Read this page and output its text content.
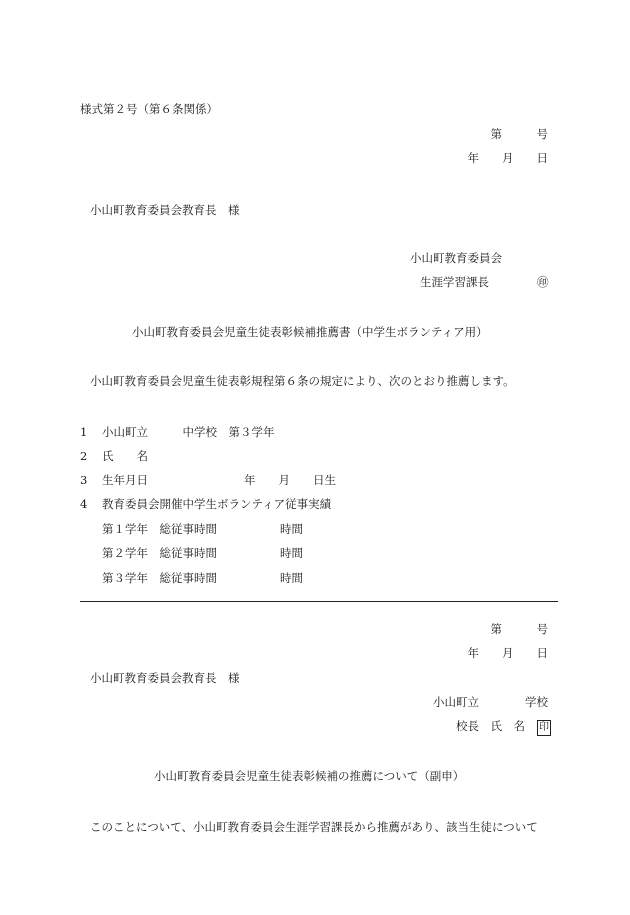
様式第２号（第６条関係）
第　　　号
年　　月　　日
小山町教育委員会教育長　様
小山町教育委員会
生涯学習課長	㊞
小山町教育委員会児童生徒表彰候補推薦書（中学生ボランティア用）
小山町教育委員会児童生徒表彰規程第６条の規定により、次のとおり推薦します。
1 小山町立　　　中学校　第３学年
2 氏　　名
3 生年月日	年　　月　　日生
4 教育委員会開催中学生ボランティア従事実績
第１学年　総従事時間	時間
第２学年　総従事時間	時間
第３学年　総従事時間	時間
第　　　号
年　　月　　日
小山町教育委員会教育長　様
小山町立　　　　学校
校長　氏　名 印
小山町教育委員会児童生徒表彰候補の推薦について（副申）
このことについて、小山町教育委員会生涯学習課長から推薦があり、該当生徒について
